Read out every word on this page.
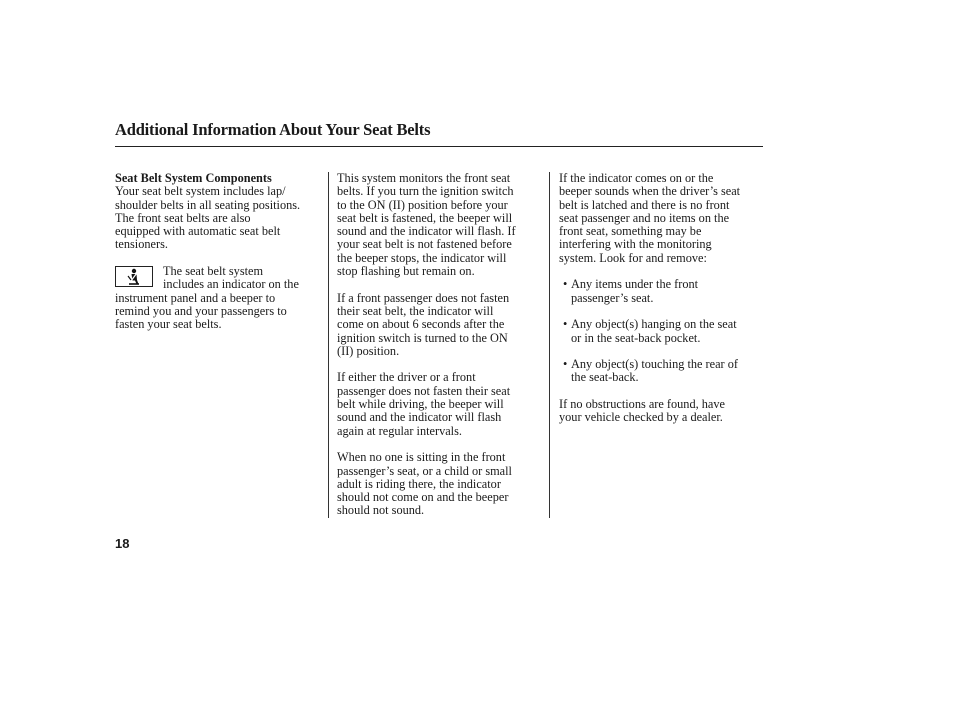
Additional Information About Your Seat Belts

Seat Belt System Components

Your seat belt system includes lap/
shoulder belts in all seating positions.
The front seat belts are also
equipped with automatic seat belt
tensioners.

The seat belt system
includes an indicator on the
instrument panel and a beeper to
remind you and your passengers to
fasten your seat belts.

This system monitors the front seat
belts. If you turn the ignition switch
to the ON (II) position before your
seat belt is fastened, the beeper will
sound and the indicator will flash. If
your seat belt is not fastened before
the beeper stops, the indicator will
stop flashing but remain on.

If a front passenger does not fasten
their seat belt, the indicator will
come on about 6 seconds after the
ignition switch is turned to the ON
(II) position.

If either the driver or a front
passenger does not fasten their seat
belt while driving, the beeper will
sound and the indicator will flash
again at regular intervals.

When no one is sitting in the front
passenger’s seat, or a child or small
adult is riding there, the indicator
should not come on and the beeper
should not sound.

If the indicator comes on or the
beeper sounds when the driver’s seat
belt is latched and there is no front
seat passenger and no items on the
front seat, something may be
interfering with the monitoring
system. Look for and remove:

• Any items under the front
passenger’s seat.
• Any object(s) hanging on the seat
or in the seat-back pocket.
• Any object(s) touching the rear of
the seat-back.

If no obstructions are found, have
your vehicle checked by a dealer.

18
